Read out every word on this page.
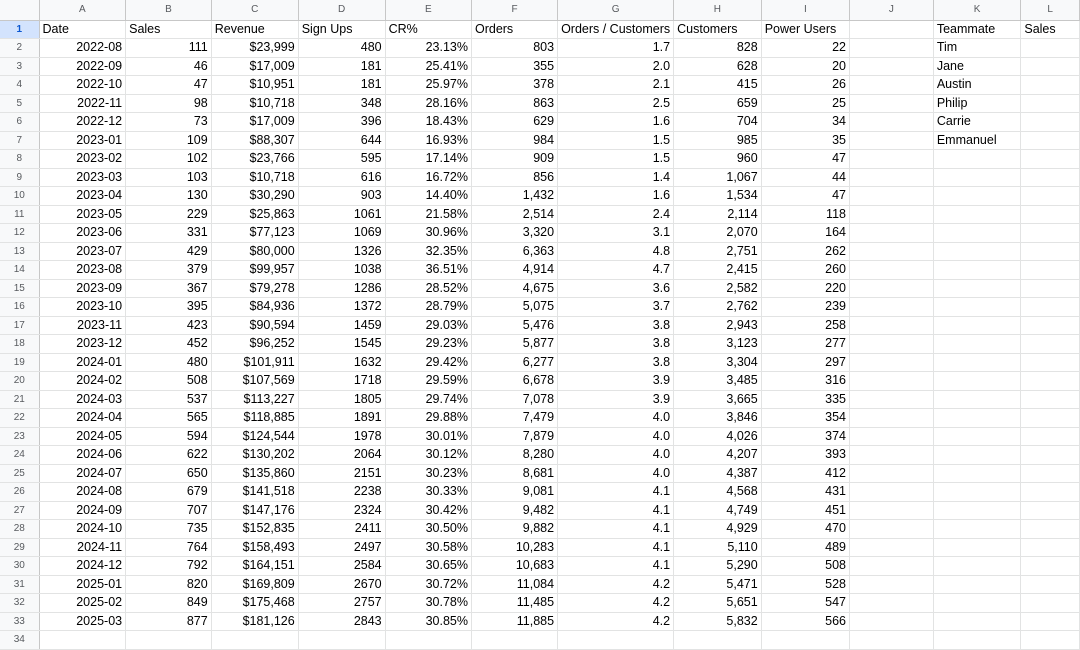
	A	B	C	D	E	F	G	H	I	J	K	L
1	Date	Sales	Revenue	Sign Ups	CR%	Orders	Orders / Customers	Customers	Power Users		Teammate	Sales
2	2022-08	111	$23,999	480	23.13%	803	1.7	828	22		Tim	
3	2022-09	46	$17,009	181	25.41%	355	2.0	628	20		Jane	
4	2022-10	47	$10,951	181	25.97%	378	2.1	415	26		Austin	
5	2022-11	98	$10,718	348	28.16%	863	2.5	659	25		Philip	
6	2022-12	73	$17,009	396	18.43%	629	1.6	704	34		Carrie	
7	2023-01	109	$88,307	644	16.93%	984	1.5	985	35		Emmanuel	
8	2023-02	102	$23,766	595	17.14%	909	1.5	960	47			
9	2023-03	103	$10,718	616	16.72%	856	1.4	1,067	44			
10	2023-04	130	$30,290	903	14.40%	1,432	1.6	1,534	47			
11	2023-05	229	$25,863	1061	21.58%	2,514	2.4	2,114	118			
12	2023-06	331	$77,123	1069	30.96%	3,320	3.1	2,070	164			
13	2023-07	429	$80,000	1326	32.35%	6,363	4.8	2,751	262			
14	2023-08	379	$99,957	1038	36.51%	4,914	4.7	2,415	260			
15	2023-09	367	$79,278	1286	28.52%	4,675	3.6	2,582	220			
16	2023-10	395	$84,936	1372	28.79%	5,075	3.7	2,762	239			
17	2023-11	423	$90,594	1459	29.03%	5,476	3.8	2,943	258			
18	2023-12	452	$96,252	1545	29.23%	5,877	3.8	3,123	277			
19	2024-01	480	$101,911	1632	29.42%	6,277	3.8	3,304	297			
20	2024-02	508	$107,569	1718	29.59%	6,678	3.9	3,485	316			
21	2024-03	537	$113,227	1805	29.74%	7,078	3.9	3,665	335			
22	2024-04	565	$118,885	1891	29.88%	7,479	4.0	3,846	354			
23	2024-05	594	$124,544	1978	30.01%	7,879	4.0	4,026	374			
24	2024-06	622	$130,202	2064	30.12%	8,280	4.0	4,207	393			
25	2024-07	650	$135,860	2151	30.23%	8,681	4.0	4,387	412			
26	2024-08	679	$141,518	2238	30.33%	9,081	4.1	4,568	431			
27	2024-09	707	$147,176	2324	30.42%	9,482	4.1	4,749	451			
28	2024-10	735	$152,835	2411	30.50%	9,882	4.1	4,929	470			
29	2024-11	764	$158,493	2497	30.58%	10,283	4.1	5,110	489			
30	2024-12	792	$164,151	2584	30.65%	10,683	4.1	5,290	508			
31	2025-01	820	$169,809	2670	30.72%	11,084	4.2	5,471	528			
32	2025-02	849	$175,468	2757	30.78%	11,485	4.2	5,651	547			
33	2025-03	877	$181,126	2843	30.85%	11,885	4.2	5,832	566			
34												
